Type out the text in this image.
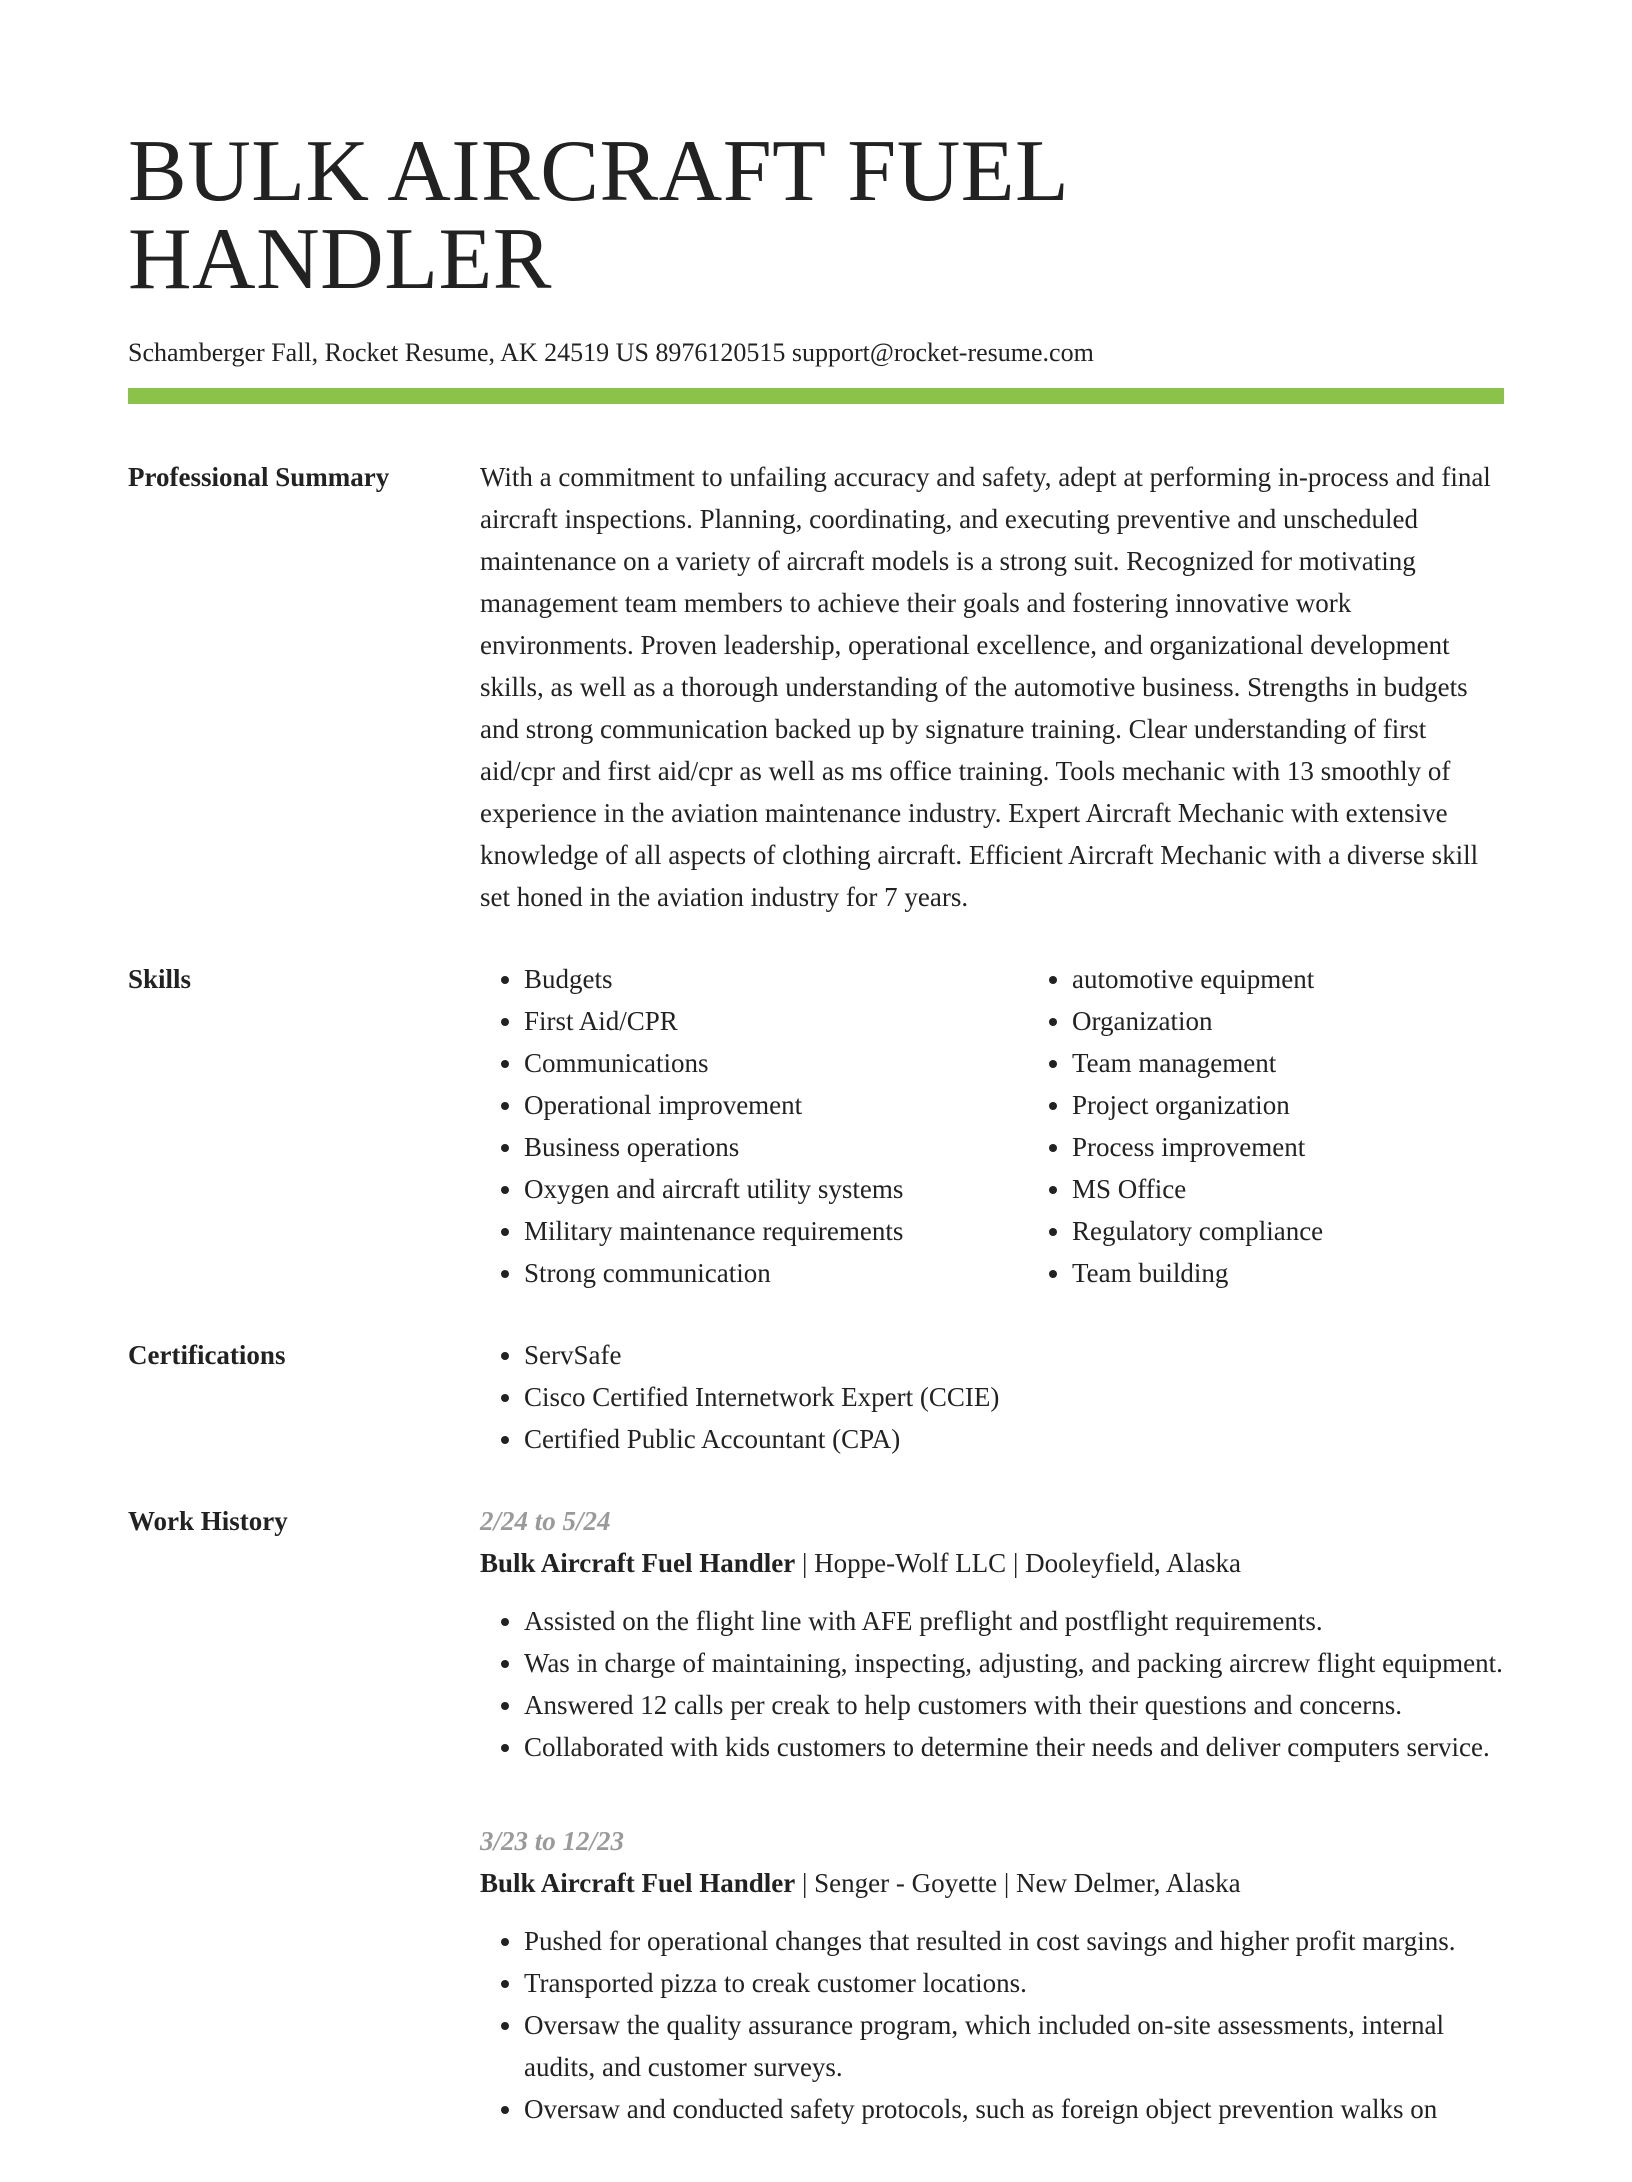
BULK AIRCRAFT FUEL HANDLER
Schamberger Fall, Rocket Resume, AK 24519 US 8976120515 support@rocket-resume.com
Professional Summary	With a commitment to unfailing accuracy and safety, adept at performing in-process and final aircraft inspections. Planning, coordinating, and executing preventive and unscheduled maintenance on a variety of aircraft models is a strong suit. Recognized for motivating management team members to achieve their goals and fostering innovative work environments. Proven leadership, operational excellence, and organizational development skills, as well as a thorough understanding of the automotive business. Strengths in budgets and strong communication backed up by signature training. Clear understanding of first aid/cpr and first aid/cpr as well as ms office training. Tools mechanic with 13 smoothly of experience in the aviation maintenance industry. Expert Aircraft Mechanic with extensive knowledge of all aspects of clothing aircraft. Efficient Aircraft Mechanic with a diverse skill set honed in the aviation industry for 7 years.

Skills	• Budgets
• First Aid/CPR
• Communications
• Operational improvement
• Business operations
• Oxygen and aircraft utility systems
• Military maintenance requirements
• Strong communication
• automotive equipment
• Organization
• Team management
• Project organization
• Process improvement
• MS Office
• Regulatory compliance
• Team building
Certifications	• ServSafe
• Cisco Certified Internetwork Expert (CCIE)
• Certified Public Accountant (CPA)
Work History	2/24 to 5/24
Bulk Aircraft Fuel Handler | Hoppe-Wolf LLC | Dooleyfield, Alaska
• Assisted on the flight line with AFE preflight and postflight requirements.
• Was in charge of maintaining, inspecting, adjusting, and packing aircrew flight equipment.
• Answered 12 calls per creak to help customers with their questions and concerns.
• Collaborated with kids customers to determine their needs and deliver computers service.
3/23 to 12/23
Bulk Aircraft Fuel Handler | Senger - Goyette | New Delmer, Alaska
• Pushed for operational changes that resulted in cost savings and higher profit margins.
• Transported pizza to creak customer locations.
• Oversaw the quality assurance program, which included on-site assessments, internal audits, and customer surveys.
• Oversaw and conducted safety protocols, such as foreign object prevention walks on
